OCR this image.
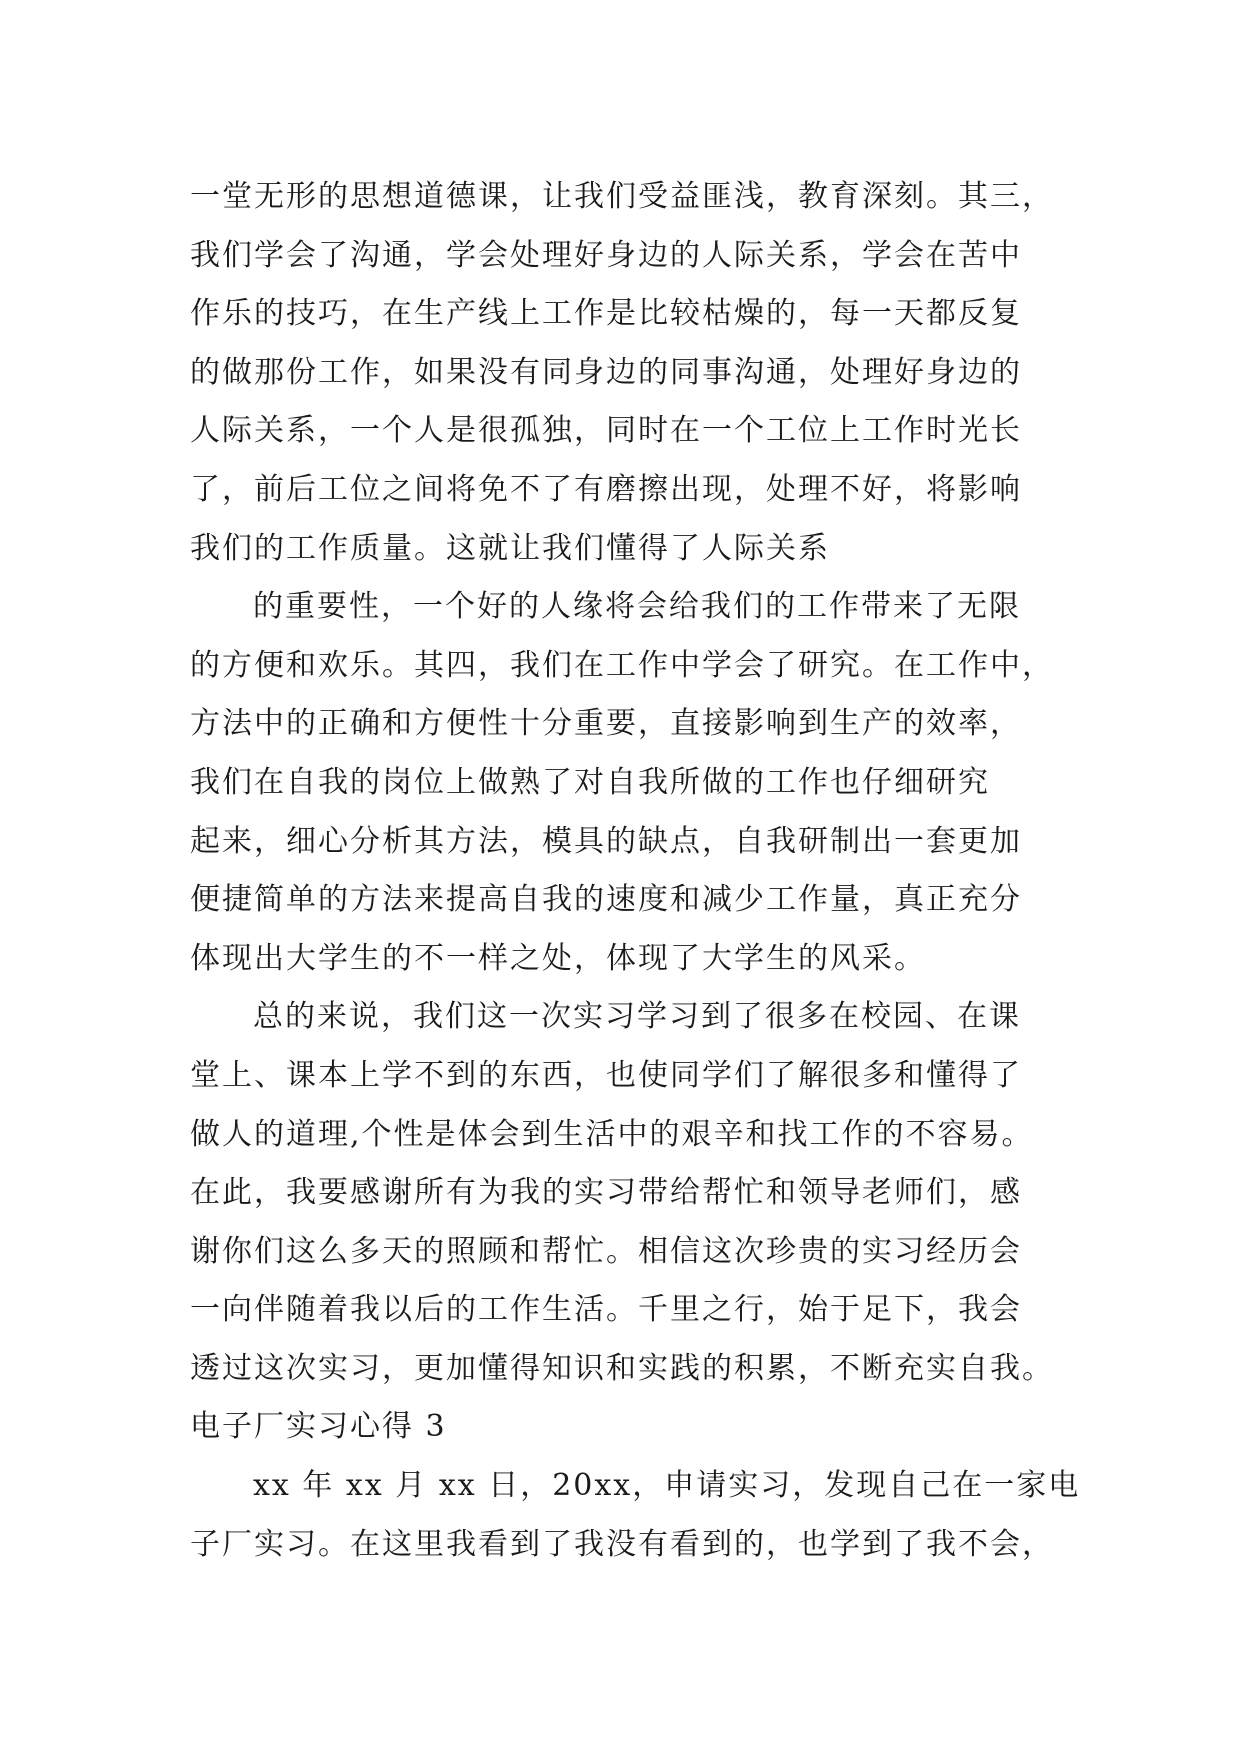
一堂无形的思想道德课，让我们受益匪浅，教育深刻。其三，
我们学会了沟通，学会处理好身边的人际关系，学会在苦中
作乐的技巧，在生产线上工作是比较枯燥的，每一天都反复
的做那份工作，如果没有同身边的同事沟通，处理好身边的
人际关系，一个人是很孤独，同时在一个工位上工作时光长
了，前后工位之间将免不了有磨擦出现，处理不好，将影响
我们的工作质量。这就让我们懂得了人际关系
的重要性，一个好的人缘将会给我们的工作带来了无限
的方便和欢乐。其四，我们在工作中学会了研究。在工作中，
方法中的正确和方便性十分重要，直接影响到生产的效率，
我们在自我的岗位上做熟了对自我所做的工作也仔细研究
起来，细心分析其方法，模具的缺点，自我研制出一套更加
便捷简单的方法来提高自我的速度和减少工作量，真正充分
体现出大学生的不一样之处，体现了大学生的风采。
总的来说，我们这一次实习学习到了很多在校园、在课
堂上、课本上学不到的东西，也使同学们了解很多和懂得了
做人的道理,个性是体会到生活中的艰辛和找工作的不容易。
在此，我要感谢所有为我的实习带给帮忙和领导老师们，感
谢你们这么多天的照顾和帮忙。相信这次珍贵的实习经历会
一向伴随着我以后的工作生活。千里之行，始于足下，我会
透过这次实习，更加懂得知识和实践的积累，不断充实自我。
电子厂实习心得 3
xx 年 xx 月 xx 日，20xx，申请实习，发现自己在一家电
子厂实习。在这里我看到了我没有看到的，也学到了我不会，
